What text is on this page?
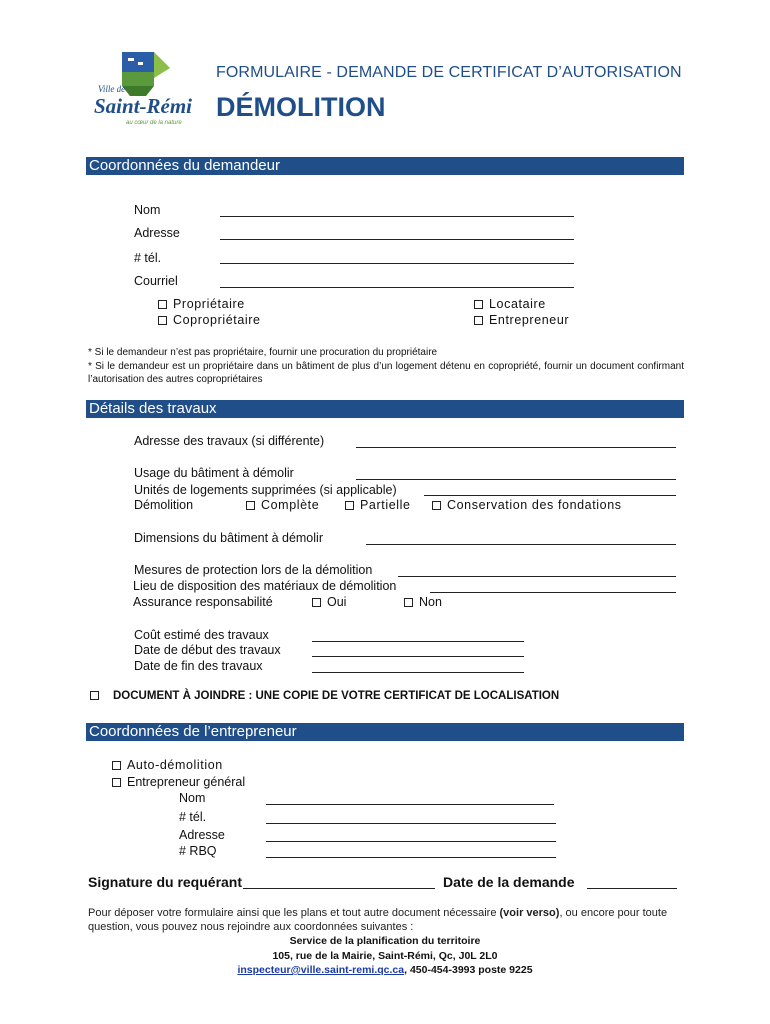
Ville de
Saint-Rémi
au cœur de la nature
FORMULAIRE - DEMANDE DE CERTIFICAT D’AUTORISATION
DÉMOLITION
Coordonnées du demandeur
Nom
Adresse
# tél.
Courriel
Propriétaire
Copropriétaire
Locataire
Entrepreneur
* Si le demandeur n’est pas propriétaire, fournir une procuration du propriétaire
* Si le demandeur est un propriétaire dans un bâtiment de plus d’un logement détenu en copropriété, fournir un document confirmant l’autorisation des autres copropriétaires
Détails des travaux
Adresse des travaux (si différente)
Usage du bâtiment à démolir
Unités de logements supprimées (si applicable)
Démolition	Complète	Partielle	Conservation des fondations
Dimensions du bâtiment à démolir
Mesures de protection lors de la démolition
Lieu de disposition des matériaux de démolition
Assurance responsabilité	Oui	Non
Coût estimé des travaux
Date de début des travaux
Date de fin des travaux
DOCUMENT À JOINDRE : UNE COPIE DE VOTRE CERTIFICAT DE LOCALISATION
Coordonnées de l’entrepreneur
Auto-démolition
Entrepreneur général
Nom
# tél.
Adresse
# RBQ
Signature du requérant	Date de la demande
Pour déposer votre formulaire ainsi que les plans et tout autre document nécessaire (voir verso), ou encore pour toute question, vous pouvez nous rejoindre aux coordonnées suivantes :
Service de la planification du territoire
105, rue de la Mairie, Saint-Rémi, Qc, J0L 2L0
inspecteur@ville.saint-remi.qc.ca, 450-454-3993 poste 9225
